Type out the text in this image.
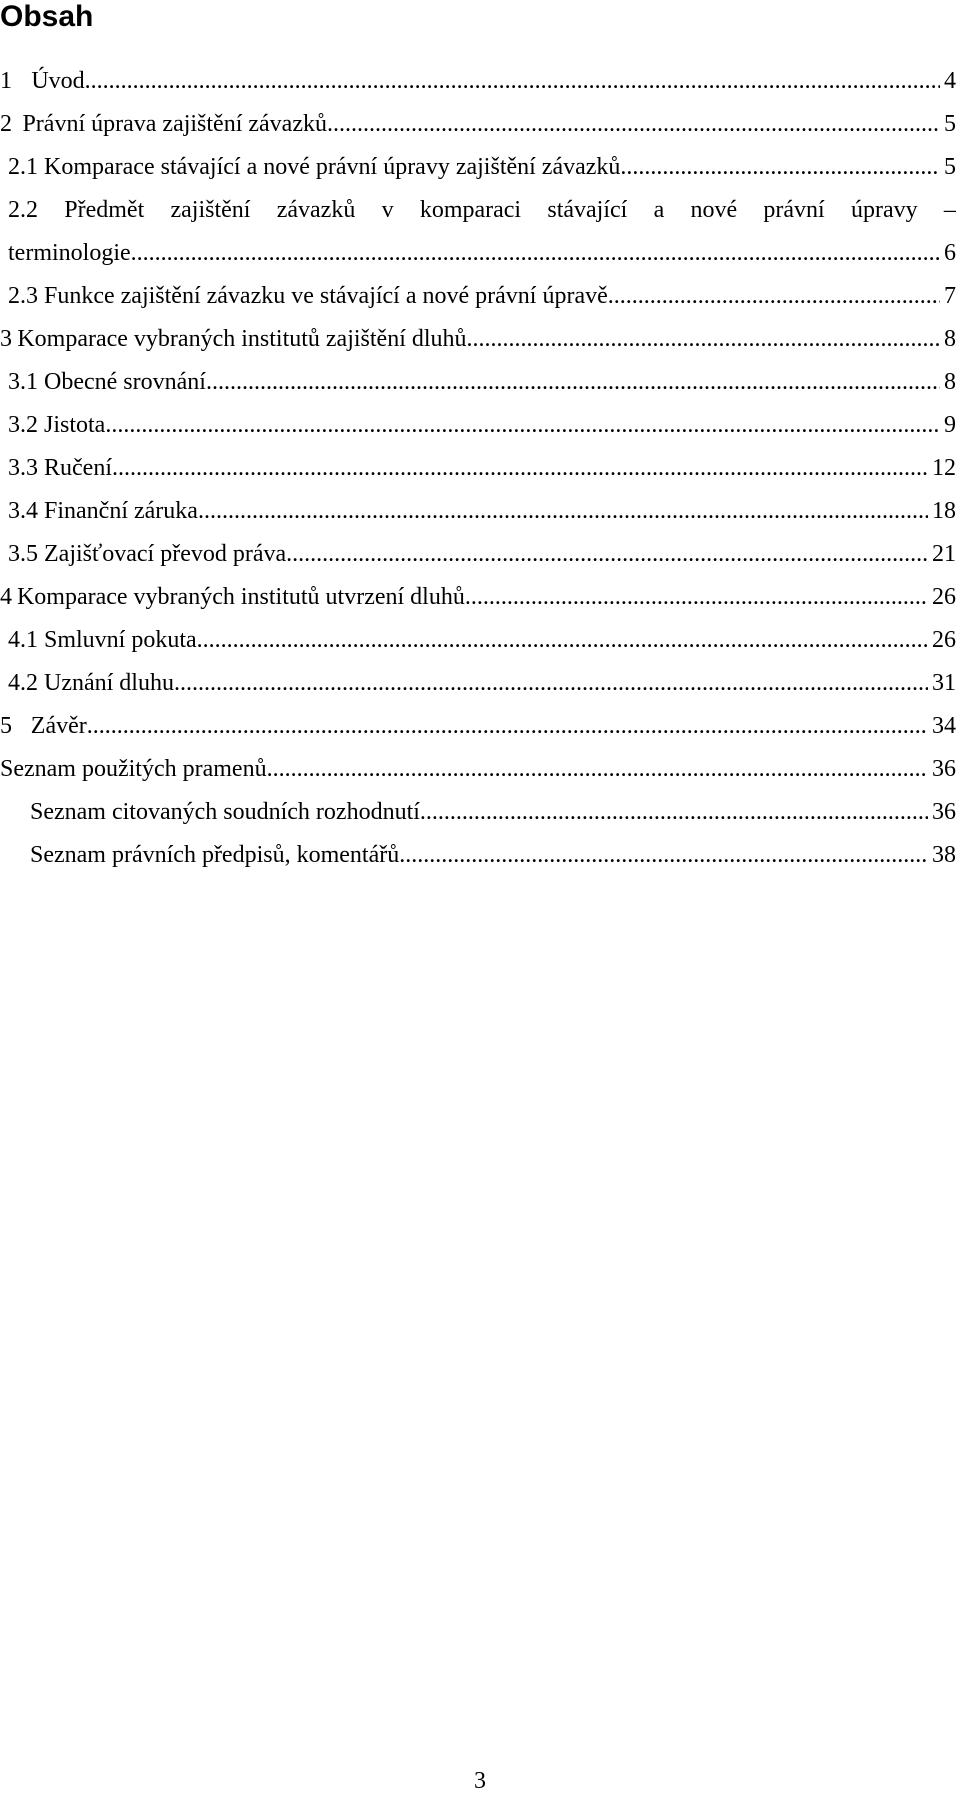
Obsah
1 Úvod .....	4
2 Právní úprava zajištění závazků .....	5
2.1 Komparace stávající a nové právní úpravy zajištění závazků .....	5
2.2 Předmět zajištění závazků v komparaci stávající a nové právní úpravy –
terminologie .....	6
2.3 Funkce zajištění závazku ve stávající a nové právní úpravě .....	7
3 Komparace vybraných institutů zajištění dluhů .....	8
3.1 Obecné srovnání .....	8
3.2 Jistota .....	9
3.3 Ručení .....	12
3.4 Finanční záruka .....	18
3.5 Zajišťovací převod práva .....	21
4 Komparace vybraných institutů utvrzení dluhů .....	26
4.1 Smluvní pokuta .....	26
4.2 Uznání dluhu .....	31
5 Závěr .....	34
Seznam použitých pramenů .....	36
Seznam citovaných soudních rozhodnutí .....	36
Seznam právních předpisů, komentářů .....	38
3
